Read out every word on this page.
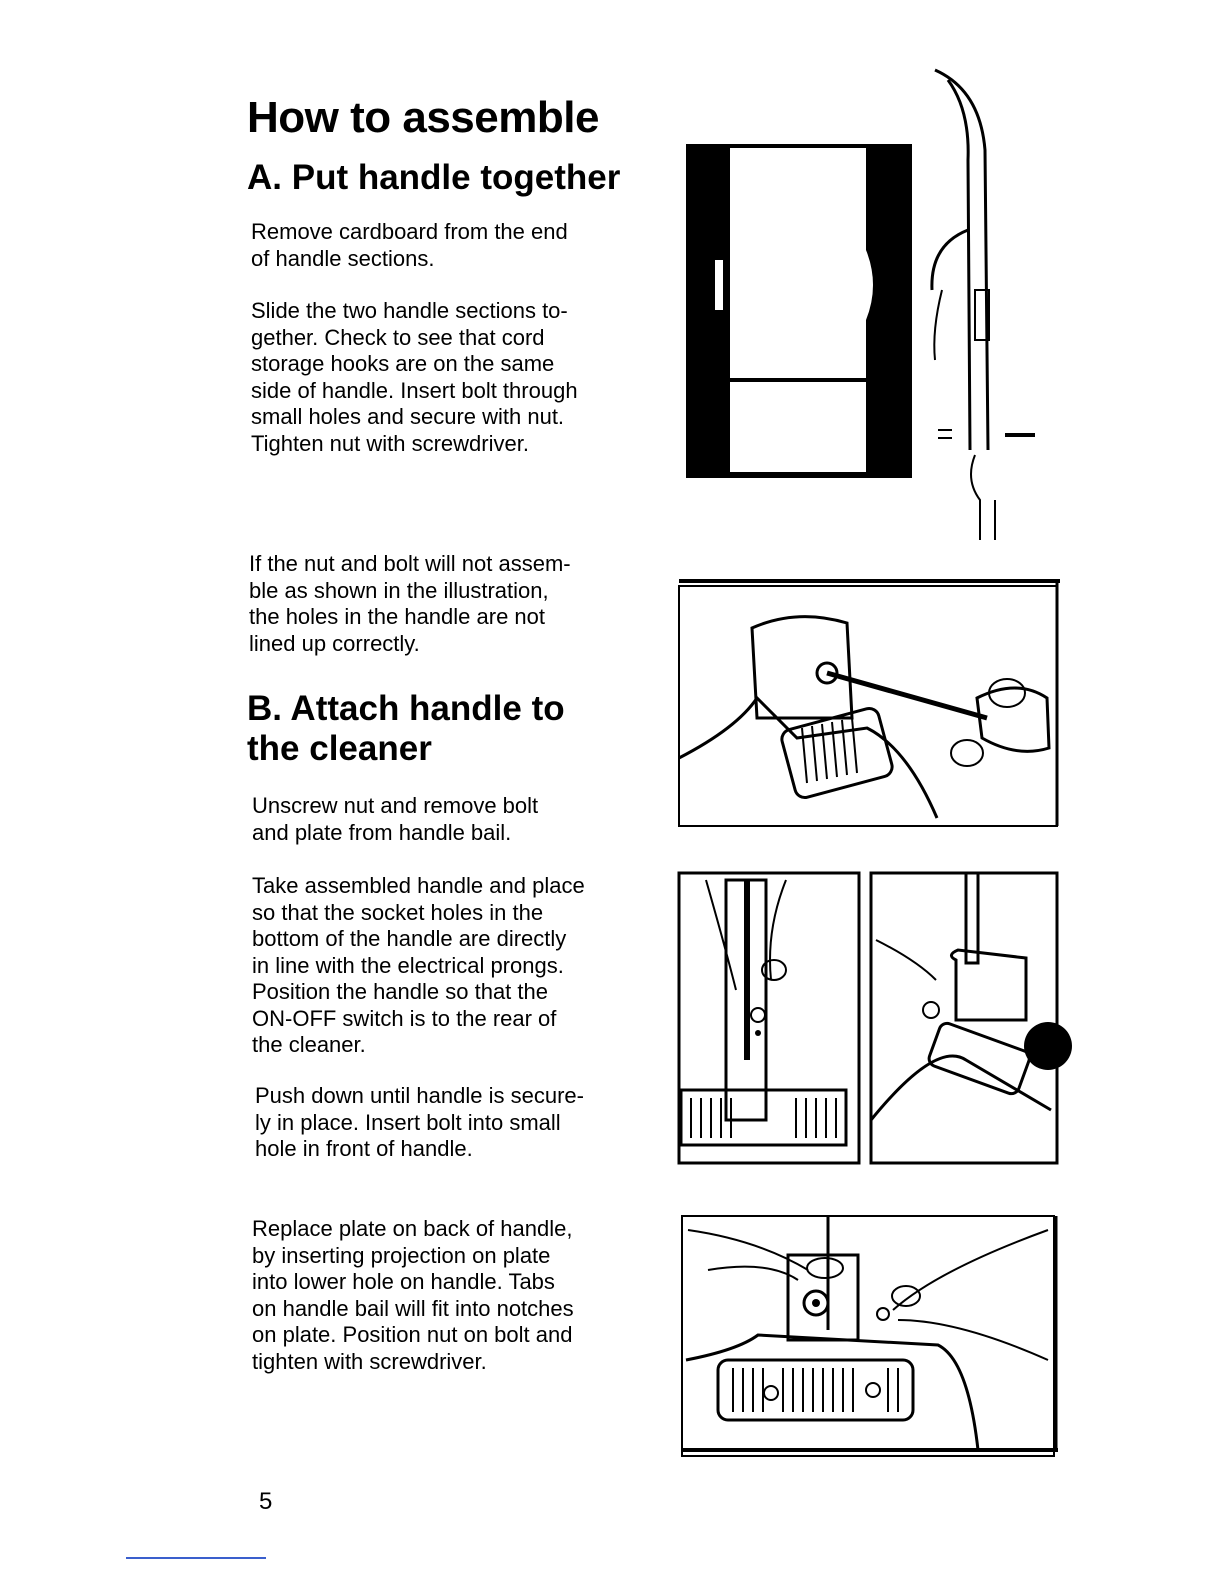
How to assemble
A. Put handle together

Remove cardboard from the end
of handle sections.

Slide the two handle sections to-
gether. Check to see that cord
storage hooks are on the same
side of handle. Insert bolt through
small holes and secure with nut.
Tighten nut with screwdriver.

If the nut and bolt will not assem-
ble as shown in the illustration,
the holes in the handle are not
lined up correctly.

B. Attach handle to
the cleaner

Unscrew nut and remove bolt
and plate from handle bail.

Take assembled handle and place
so that the socket holes in the
bottom of the handle are directly
in line with the electrical prongs.
Position the handle so that the
ON-OFF switch is to the rear of
the cleaner.

Push down until handle is secure-
ly in place. Insert bolt into small
hole in front of handle.

Replace plate on back of handle,
by inserting projection on plate
into lower hole on handle. Tabs
on handle bail will fit into notches
on plate. Position nut on bolt and
tighten with screwdriver.

5
